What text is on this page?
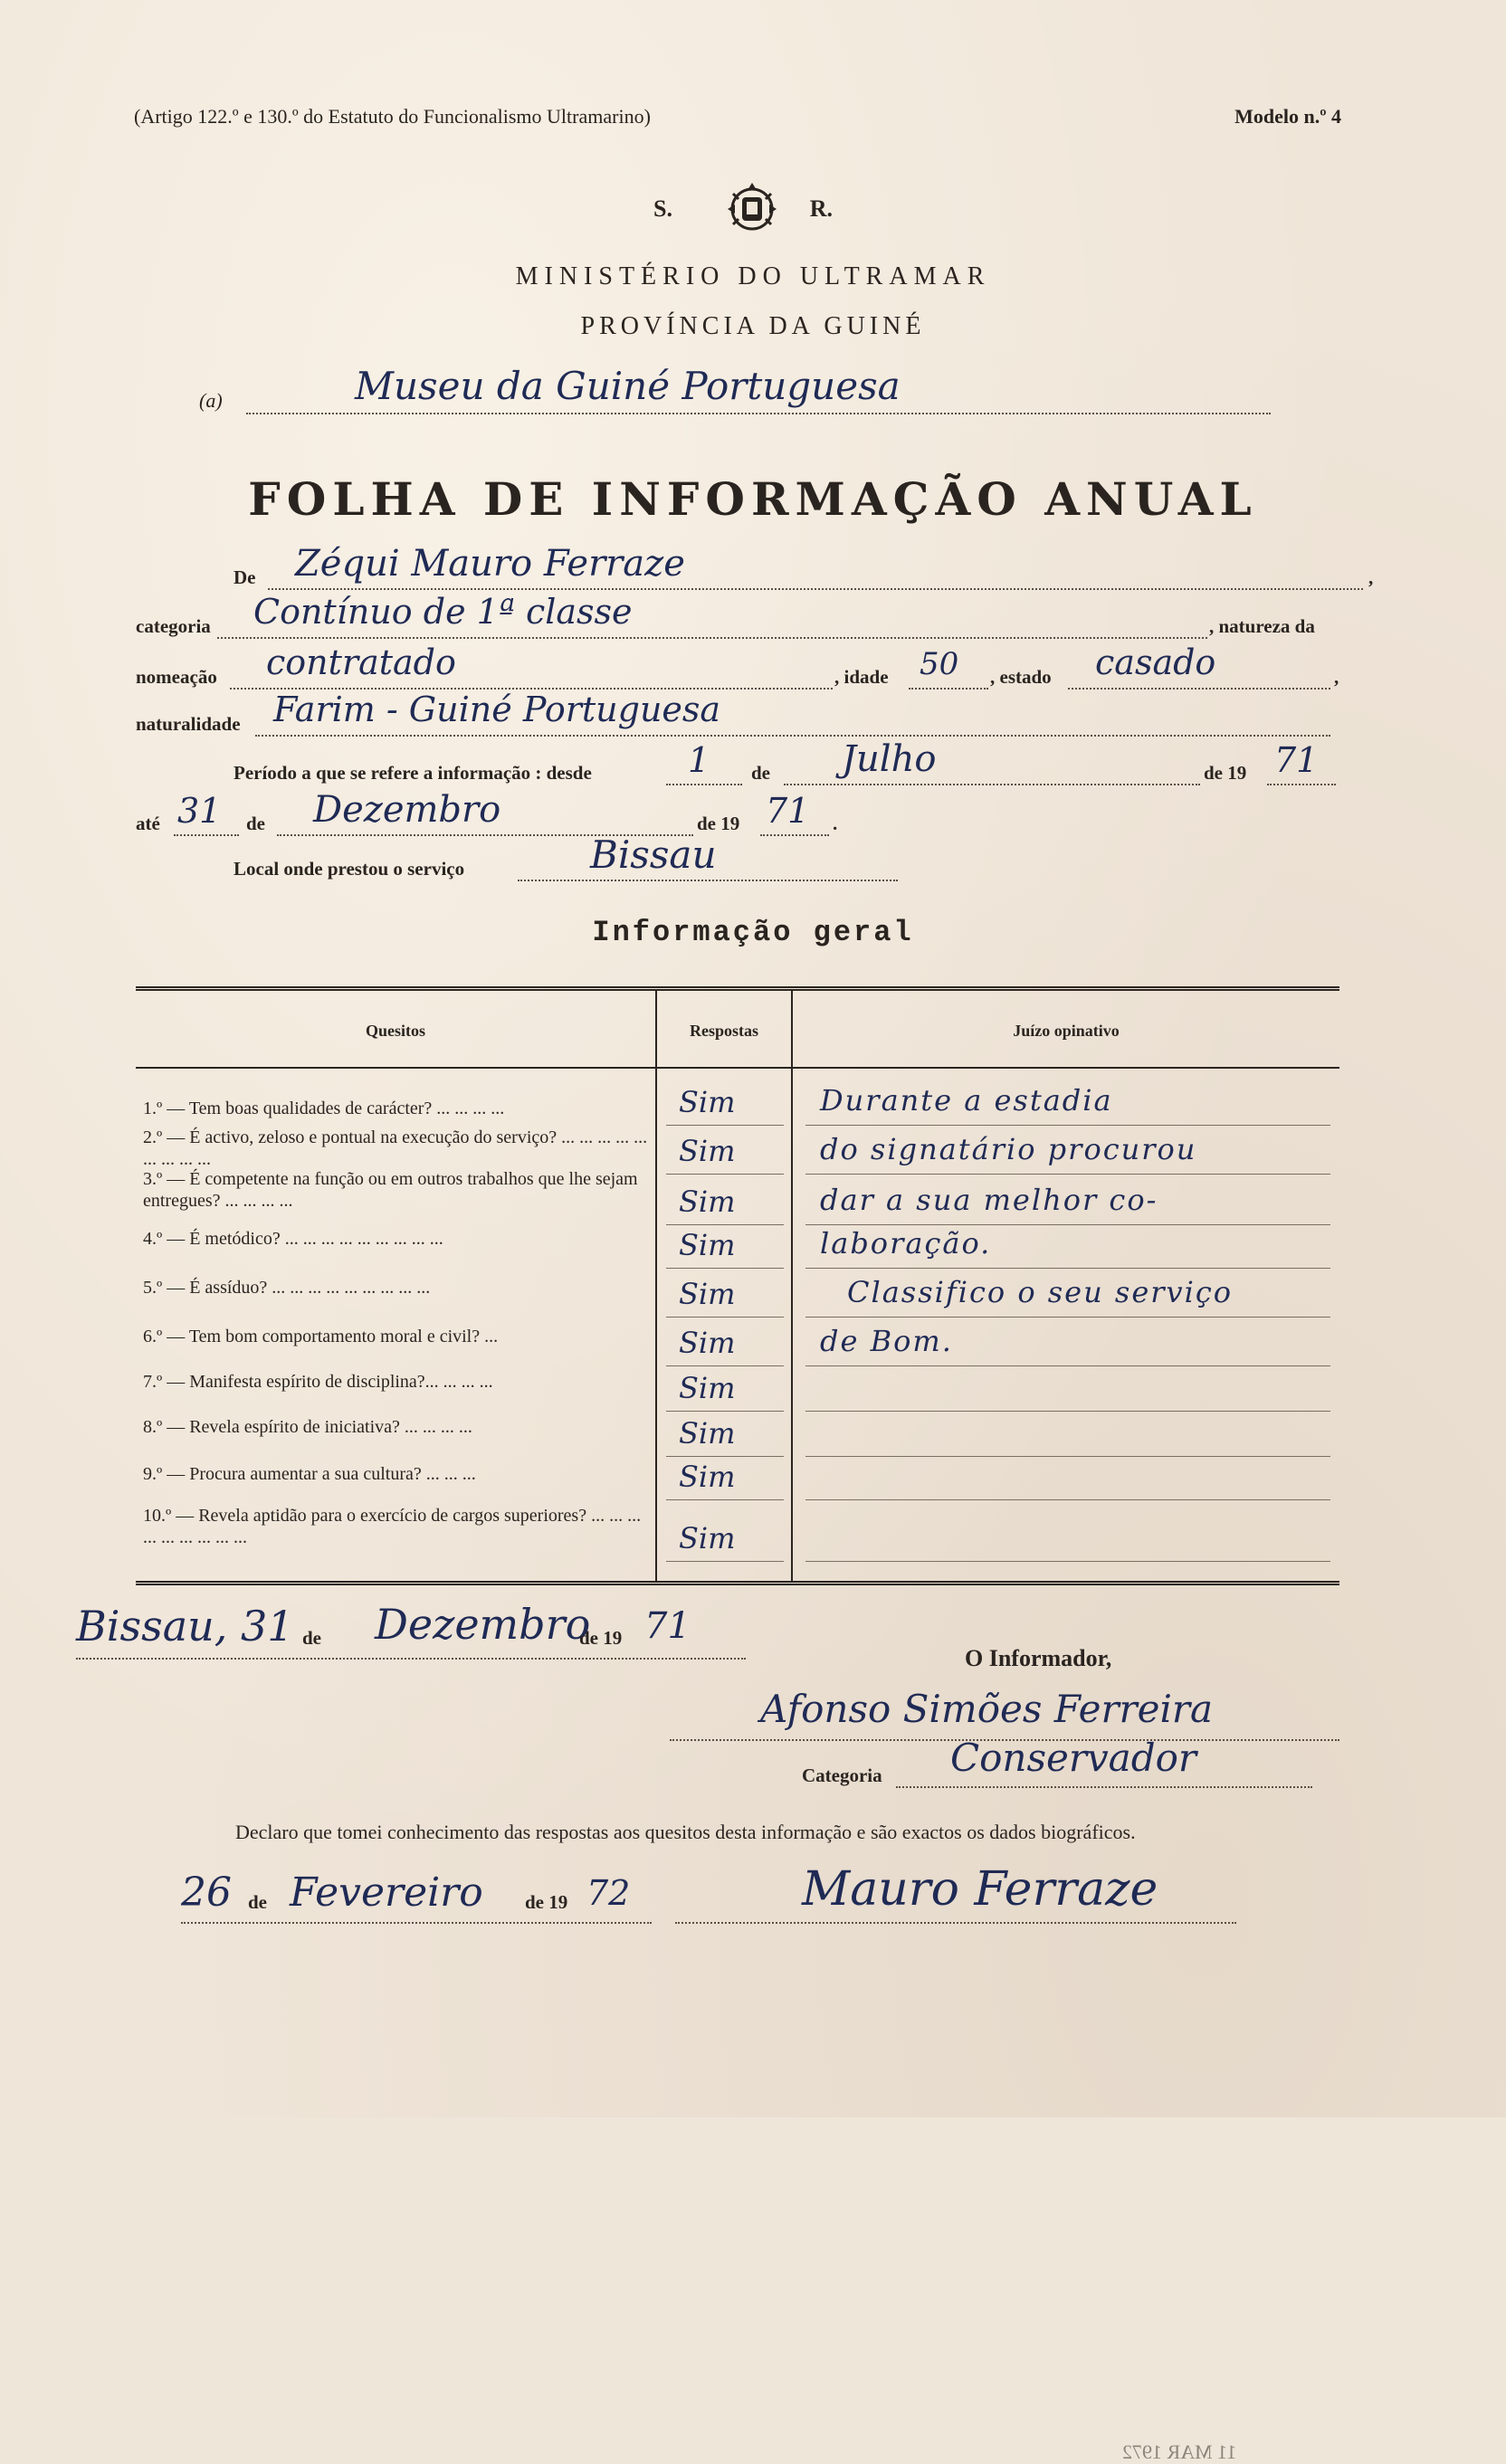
(Artigo 122.º e 130.º do Estatuto do Funcionalismo Ultramarino)	Modelo n.º 4
S.	R.
MINISTÉRIO DO ULTRAMAR
PROVÍNCIA DA GUINÉ
(a)	Museu da Guiné Portuguesa
FOLHA DE INFORMAÇÃO ANUAL
De Zéqui Mauro Ferraze	,
categoria Contínuo de 1ª classe	, natureza da
nomeação contratado	, idade 50 , estado casado	,
naturalidade Farim - Guiné Portuguesa
Período a que se refere a informação : desde	1 de Julho	de 19 71
até 31 de Dezembro	de 19 71 .
Local onde prestou o serviço	Bissau
Informação geral
Quesitos	Respostas	Juízo opinativo
1.º — Tem boas qualidades de carácter? ... ... ... ...	Sim	Durante a estadia
2.º — É activo, zeloso e pontual na execução do serviço? ... ... ... ... ... ... ... ... ...	Sim	do signatário procurou
3.º — É competente na função ou em outros trabalhos que lhe sejam entregues? ... ... ... ...	Sim	dar a sua melhor co-
4.º — É metódico? ... ... ... ... ... ... ... ... ...	Sim	laboração.
5.º — É assíduo? ... ... ... ... ... ... ... ... ...	Sim	Classifico o seu serviço
6.º — Tem bom comportamento moral e civil? ...	Sim	de Bom.
7.º — Manifesta espírito de disciplina?... ... ... ...	Sim
8.º — Revela espírito de iniciativa? ... ... ... ...	Sim
9.º — Procura aumentar a sua cultura? ... ... ...	Sim
10.º — Revela aptidão para o exercício de cargos superiores? ... ... ... ... ... ... ... ... ...	Sim
11 MAR 1972
Bissau, 31 de Dezembro
de 19 71
O Informador,
Afonso Simões Ferreira
Categoria Conservador
Declaro que tomei conhecimento das respostas aos quesitos desta informação e são exactos os dados biográficos.
26 de Fevereiro de 19 72	Mauro Ferraze
